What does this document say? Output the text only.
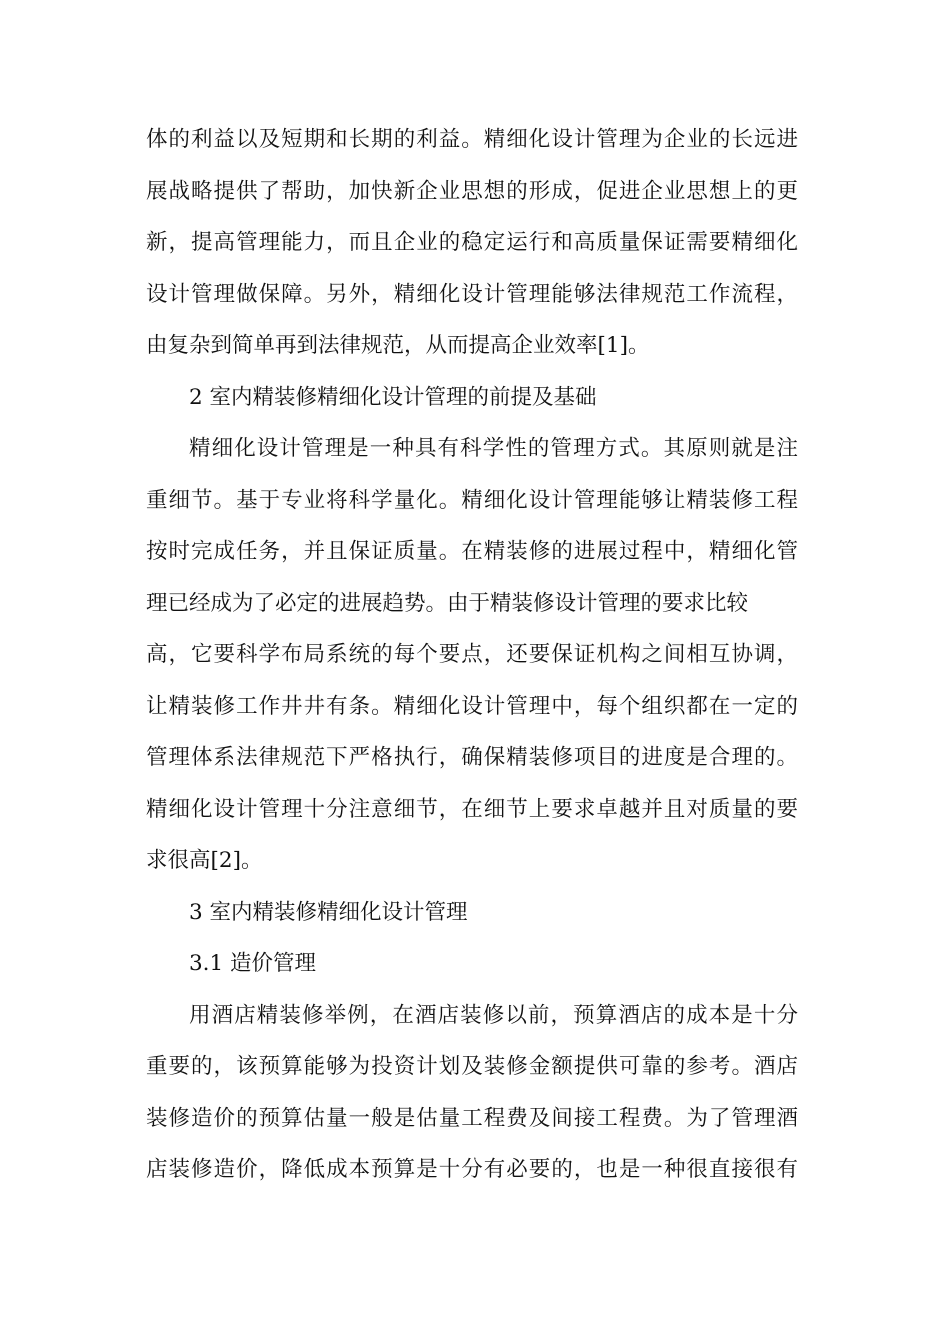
体的利益以及短期和长期的利益。精细化设计管理为企业的长远进
展战略提供了帮助，加快新企业思想的形成，促进企业思想上的更
新，提高管理能力，而且企业的稳定运行和高质量保证需要精细化
设计管理做保障。另外，精细化设计管理能够法律规范工作流程，
由复杂到简单再到法律规范，从而提高企业效率[1]。
2 室内精装修精细化设计管理的前提及基础
精细化设计管理是一种具有科学性的管理方式。其原则就是注
重细节。基于专业将科学量化。精细化设计管理能够让精装修工程
按时完成任务，并且保证质量。在精装修的进展过程中，精细化管
理已经成为了必定的进展趋势。由于精装修设计管理的要求比较
高，它要科学布局系统的每个要点，还要保证机构之间相互协调，
让精装修工作井井有条。精细化设计管理中，每个组织都在一定的
管理体系法律规范下严格执行，确保精装修项目的进度是合理的。
精细化设计管理十分注意细节，在细节上要求卓越并且对质量的要
求很高[2]。
3 室内精装修精细化设计管理
3.1 造价管理
用酒店精装修举例，在酒店装修以前，预算酒店的成本是十分
重要的，该预算能够为投资计划及装修金额提供可靠的参考。酒店
装修造价的预算估量一般是估量工程费及间接工程费。为了管理酒
店装修造价，降低成本预算是十分有必要的，也是一种很直接很有
